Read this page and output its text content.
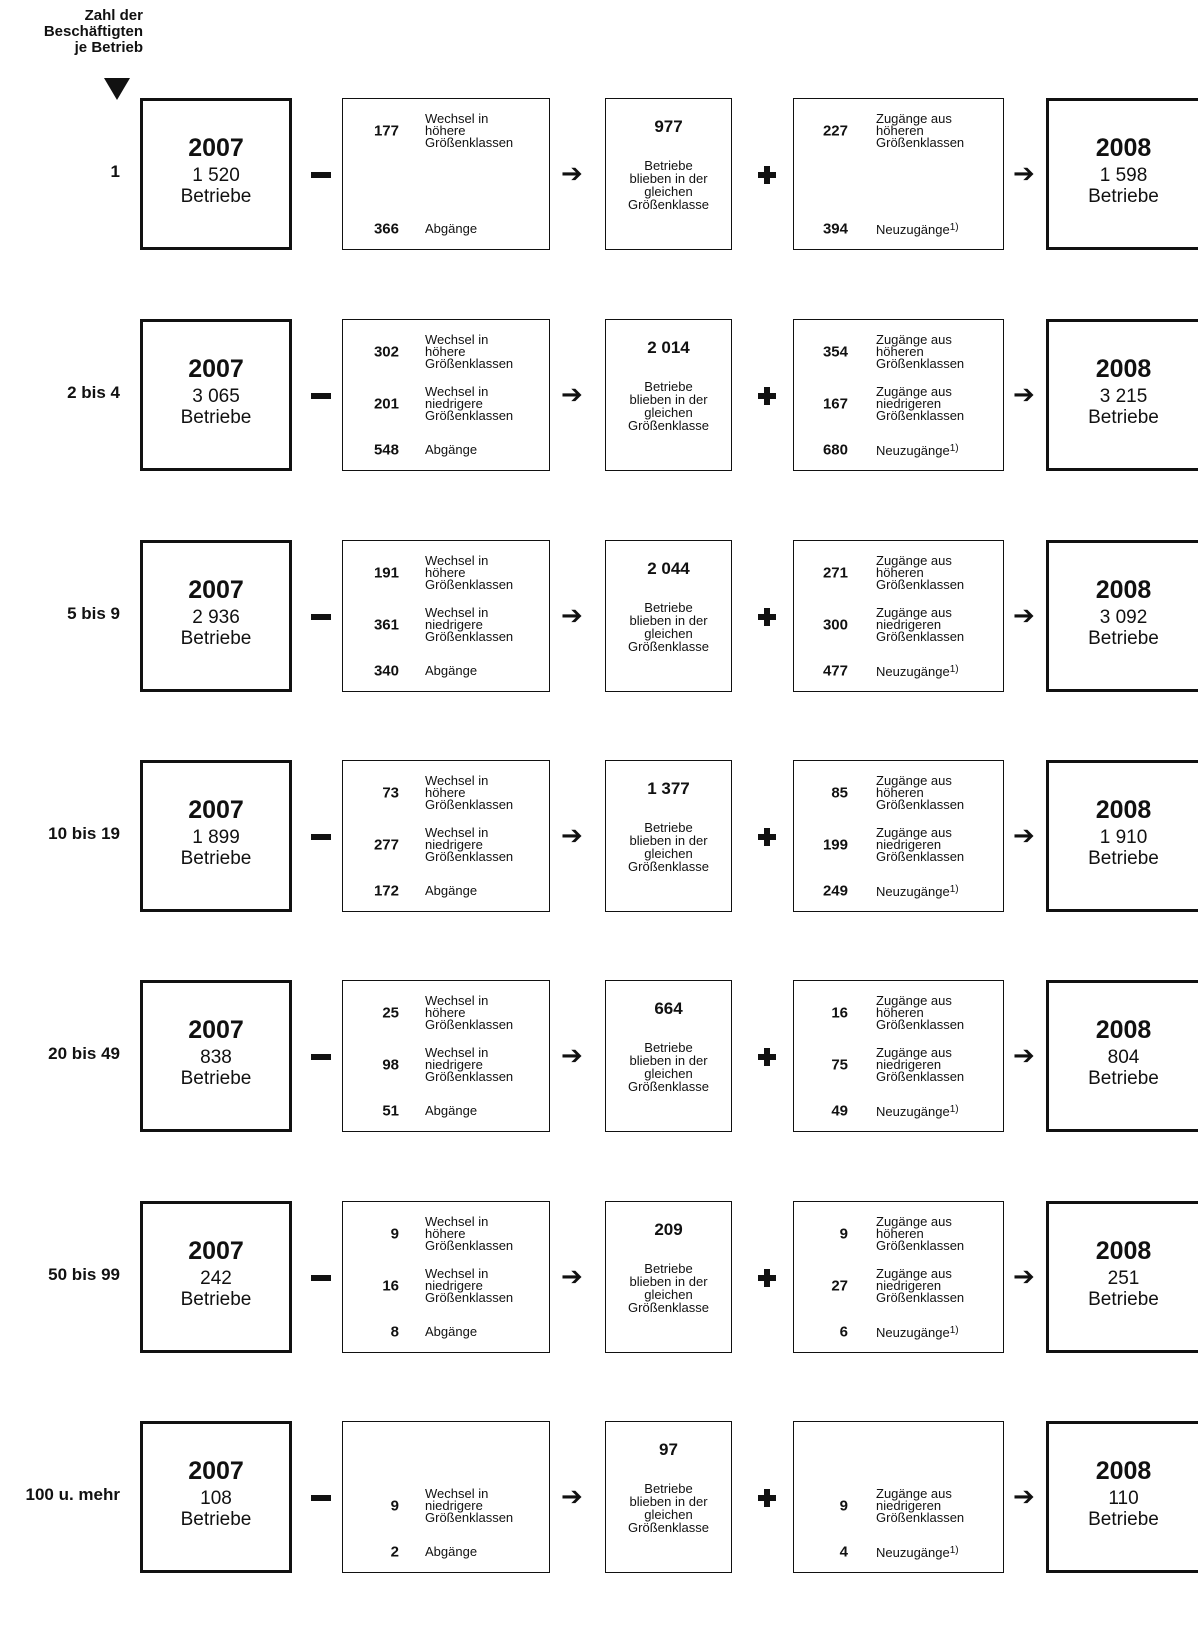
Zahl der
Beschäftigten
je Betrieb
1
2007
1 520
Betriebe
177
Wechsel in
höhere
Größenklassen
366 Abgänge
➔
977
Betriebe
blieben in der
gleichen
Größenklasse
227
Zugänge aus
höheren
Größenklassen
394 Neuzugänge$^{1)}$
➔
2008
1 598
Betriebe
2 bis 4
2007
3 065
Betriebe
302
Wechsel in
höhere
Größenklassen
201
Wechsel in
niedrigere
Größenklassen
548 Abgänge
➔
2 014
Betriebe
blieben in der
gleichen
Größenklasse
354
Zugänge aus
höheren
Größenklassen
167
Zugänge aus
niedrigeren
Größenklassen
680 Neuzugänge$^{1)}$
➔
2008
3 215
Betriebe
5 bis 9
2007
2 936
Betriebe
191
Wechsel in
höhere
Größenklassen
361
Wechsel in
niedrigere
Größenklassen
340 Abgänge
➔
2 044
Betriebe
blieben in der
gleichen
Größenklasse
271
Zugänge aus
höheren
Größenklassen
300
Zugänge aus
niedrigeren
Größenklassen
477 Neuzugänge$^{1)}$
➔
2008
3 092
Betriebe
10 bis 19
2007
1 899
Betriebe
73
Wechsel in
höhere
Größenklassen
277
Wechsel in
niedrigere
Größenklassen
172 Abgänge
➔
1 377
Betriebe
blieben in der
gleichen
Größenklasse
85
Zugänge aus
höheren
Größenklassen
199
Zugänge aus
niedrigeren
Größenklassen
249 Neuzugänge$^{1)}$
➔
2008
1 910
Betriebe
20 bis 49
2007
838
Betriebe
25
Wechsel in
höhere
Größenklassen
98
Wechsel in
niedrigere
Größenklassen
51 Abgänge
➔
664
Betriebe
blieben in der
gleichen
Größenklasse
16
Zugänge aus
höheren
Größenklassen
75
Zugänge aus
niedrigeren
Größenklassen
49 Neuzugänge$^{1)}$
➔
2008
804
Betriebe
50 bis 99
2007
242
Betriebe
9
Wechsel in
höhere
Größenklassen
16
Wechsel in
niedrigere
Größenklassen
8 Abgänge
➔
209
Betriebe
blieben in der
gleichen
Größenklasse
9
Zugänge aus
höheren
Größenklassen
27
Zugänge aus
niedrigeren
Größenklassen
6 Neuzugänge$^{1)}$
➔
2008
251
Betriebe
100 u. mehr
2007
108
Betriebe
9
Wechsel in
niedrigere
Größenklassen
2 Abgänge
➔
97
Betriebe
blieben in der
gleichen
Größenklasse
9
Zugänge aus
niedrigeren
Größenklassen
4 Neuzugänge$^{1)}$
➔
2008
110
Betriebe
